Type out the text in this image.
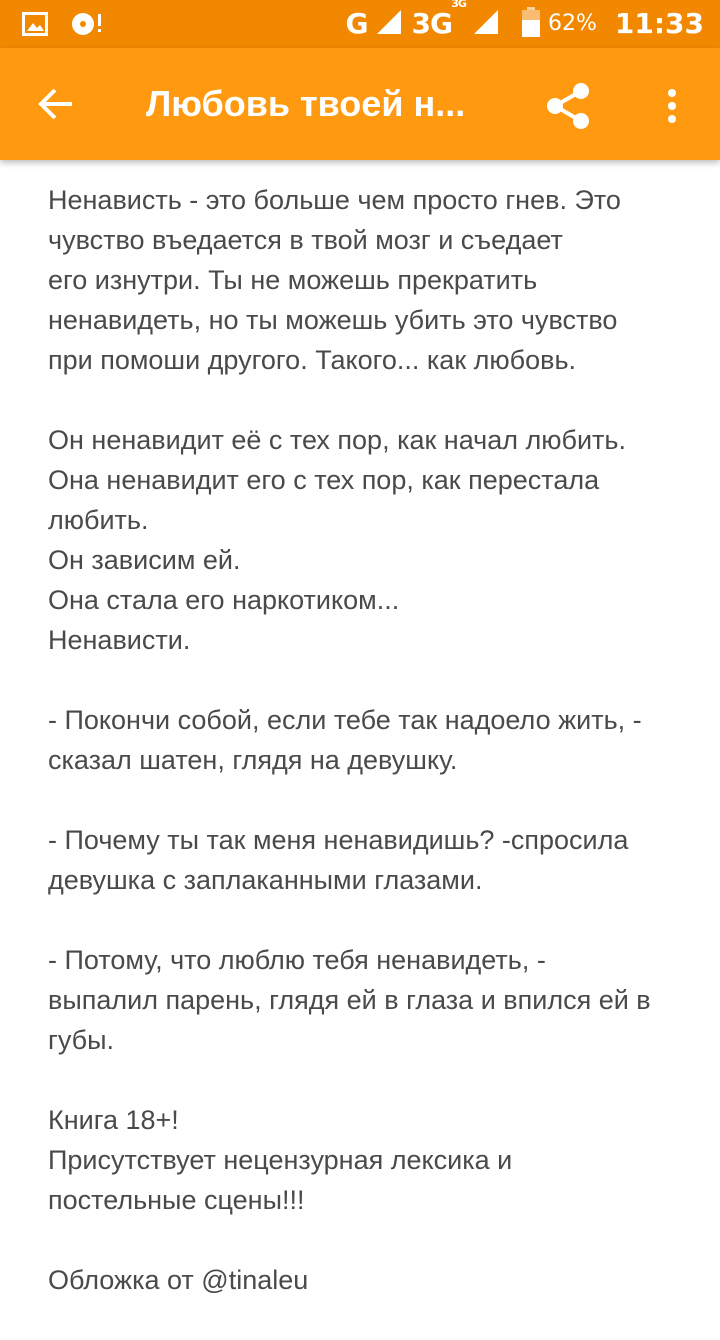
G 3G
3G
62% 11:33
Любовь твоей н...
Ненависть - это больше чем просто гнев. Это
чувство въедается в твой мозг и съедает
его изнутри. Ты не можешь прекратить
ненавидеть, но ты можешь убить это чувство
при помоши другого. Такого... как любовь.
Он ненавидит её с тех пор, как начал любить.
Она ненавидит его с тех пор, как перестала
любить.
Он зависим ей.
Она стала его наркотиком...
Ненависти.
- Покончи собой, если тебе так надоело жить, -
сказал шатен, глядя на девушку.
- Почему ты так меня ненавидишь? -спросила
девушка с заплаканными глазами.
- Потому, что люблю тебя ненавидеть, -
выпалил парень, глядя ей в глаза и впился ей в
губы.
Книга 18+!
Присутствует нецензурная лексика и
постельные сцены!!!
Обложка от @tinaleu
